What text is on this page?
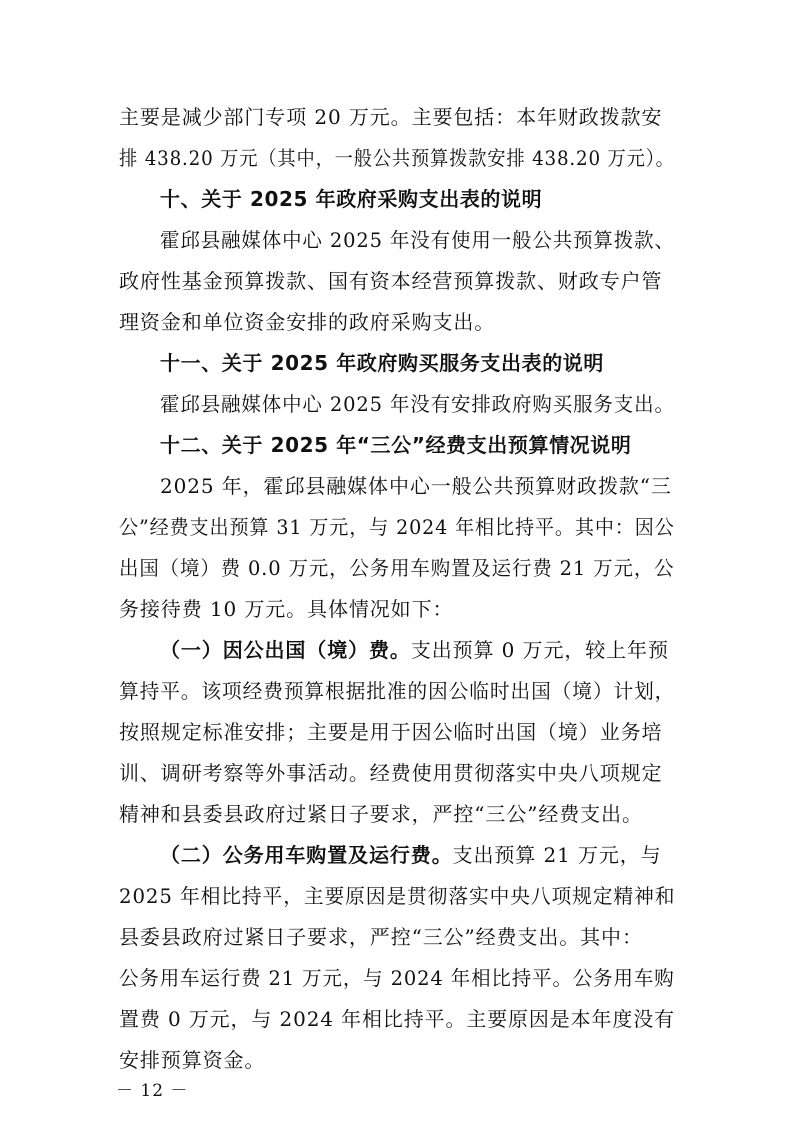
主要是减少部门专项 20 万元。主要包括：本年财政拨款安
排 438.20 万元（其中，一般公共预算拨款安排 438.20 万元）。
十、关于 2025 年政府采购支出表的说明
霍邱县融媒体中心 2025 年没有使用一般公共预算拨款、
政府性基金预算拨款、国有资本经营预算拨款、财政专户管
理资金和单位资金安排的政府采购支出。
十一、关于 2025 年政府购买服务支出表的说明
霍邱县融媒体中心 2025 年没有安排政府购买服务支出。
十二、关于 2025 年“三公”经费支出预算情况说明
2025 年，霍邱县融媒体中心一般公共预算财政拨款“三
公”经费支出预算 31 万元，与 2024 年相比持平。其中：因公
出国（境）费 0.0 万元，公务用车购置及运行费 21 万元，公
务接待费 10 万元。具体情况如下：
（一）因公出国（境）费。支出预算 0 万元，较上年预
算持平。该项经费预算根据批准的因公临时出国（境）计划，
按照规定标准安排；主要是用于因公临时出国（境）业务培
训、调研考察等外事活动。经费使用贯彻落实中央八项规定
精神和县委县政府过紧日子要求，严控“三公”经费支出。
（二）公务用车购置及运行费。支出预算 21 万元，与
2025 年相比持平，主要原因是贯彻落实中央八项规定精神和
县委县政府过紧日子要求，严控“三公”经费支出。其中：
公务用车运行费 21 万元，与 2024 年相比持平。公务用车购
置费 0 万元，与 2024 年相比持平。主要原因是本年度没有
安排预算资金。
－ 12 －
